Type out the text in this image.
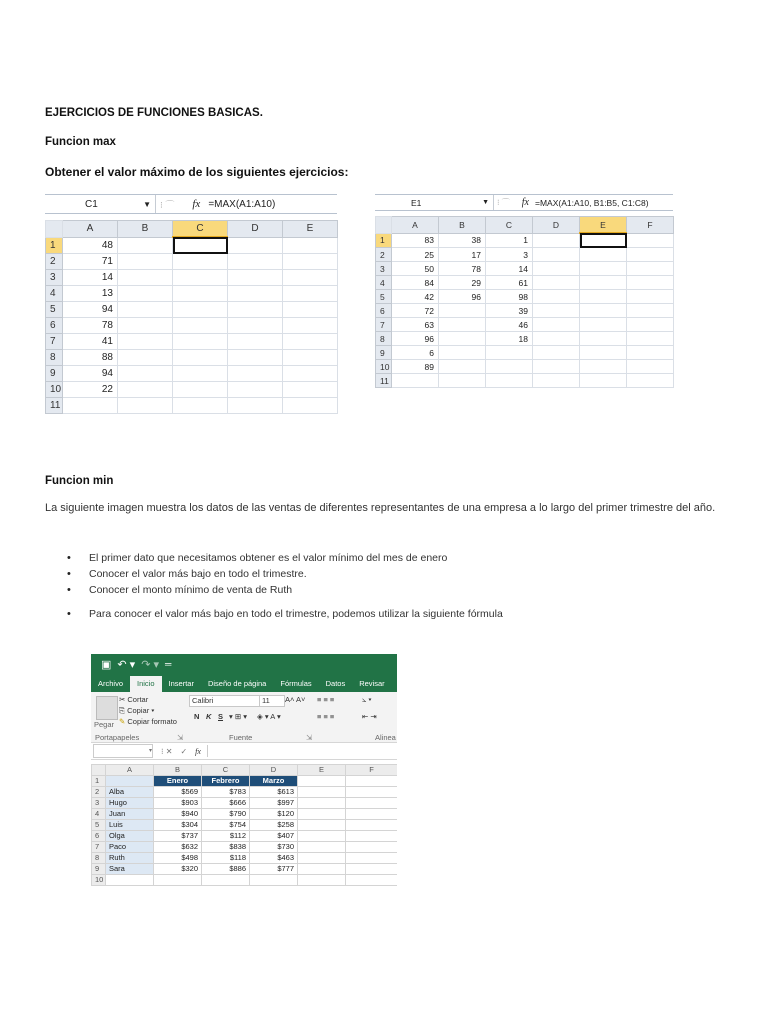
EJERCICIOS DE FUNCIONES BASICAS.
Funcion max
Obtener el valor máximo de los siguientes ejercicios:
C1	▼ ⁝ ⌒ fx =MAX(A1:A10)
	A	B	C	D	E
1	48				
2	71				
3	14				
4	13				
5	94				
6	78				
7	41				
8	88				
9	94				
10	22				
11					
E1	▼ ⁝ ⌒ fx =MAX(A1:A10, B1:B5, C1:C8)
	A	B	C	D	E	F
1	83	38	1			
2	25	17	3			
3	50	78	14			
4	84	29	61			
5	42	96	98			
6	72		39			
7	63		46			
8	96		18			
9	6					
10	89					
11						
Funcion min
La siguiente imagen muestra los datos de las ventas de diferentes representantes de una empresa a lo largo del primer trimestre del año.
• El primer dato que necesitamos obtener es el valor mínimo del mes de enero
• Conocer el valor más bajo en todo el trimestre.
• Conocer el monto mínimo de venta de Ruth
• Para conocer el valor más bajo en todo el trimestre, podemos utilizar la siguiente fórmula
▣ ↶ ▾ ↷ ▾ ═
Archivo	Inicio	Insertar	Diseño de página	Fórmulas	Datos	Revisar
Pegar
✂ Cortar
⎘ Copiar ▾
✎ Copiar formato
Portapapeles	⇲
Calibri	11	A˄ A˅
N K S ▾ ⊞ ▾ ◈ ▾ A ▾
Fuente	⇲
≡ ≡ ≡
≡ ≡ ≡
⦣ ▾
⇤ ⇥
Alinea
▾ ⁝ ✕ ✓ fx
	A	B	C	D	E	F
1		Enero	Febrero	Marzo		
2	Alba	$569	$783	$613		
3	Hugo	$903	$666	$997		
4	Juan	$940	$790	$120		
5	Luis	$304	$754	$258		
6	Olga	$737	$112	$407		
7	Paco	$632	$838	$730		
8	Ruth	$498	$118	$463		
9	Sara	$320	$886	$777		
10						
